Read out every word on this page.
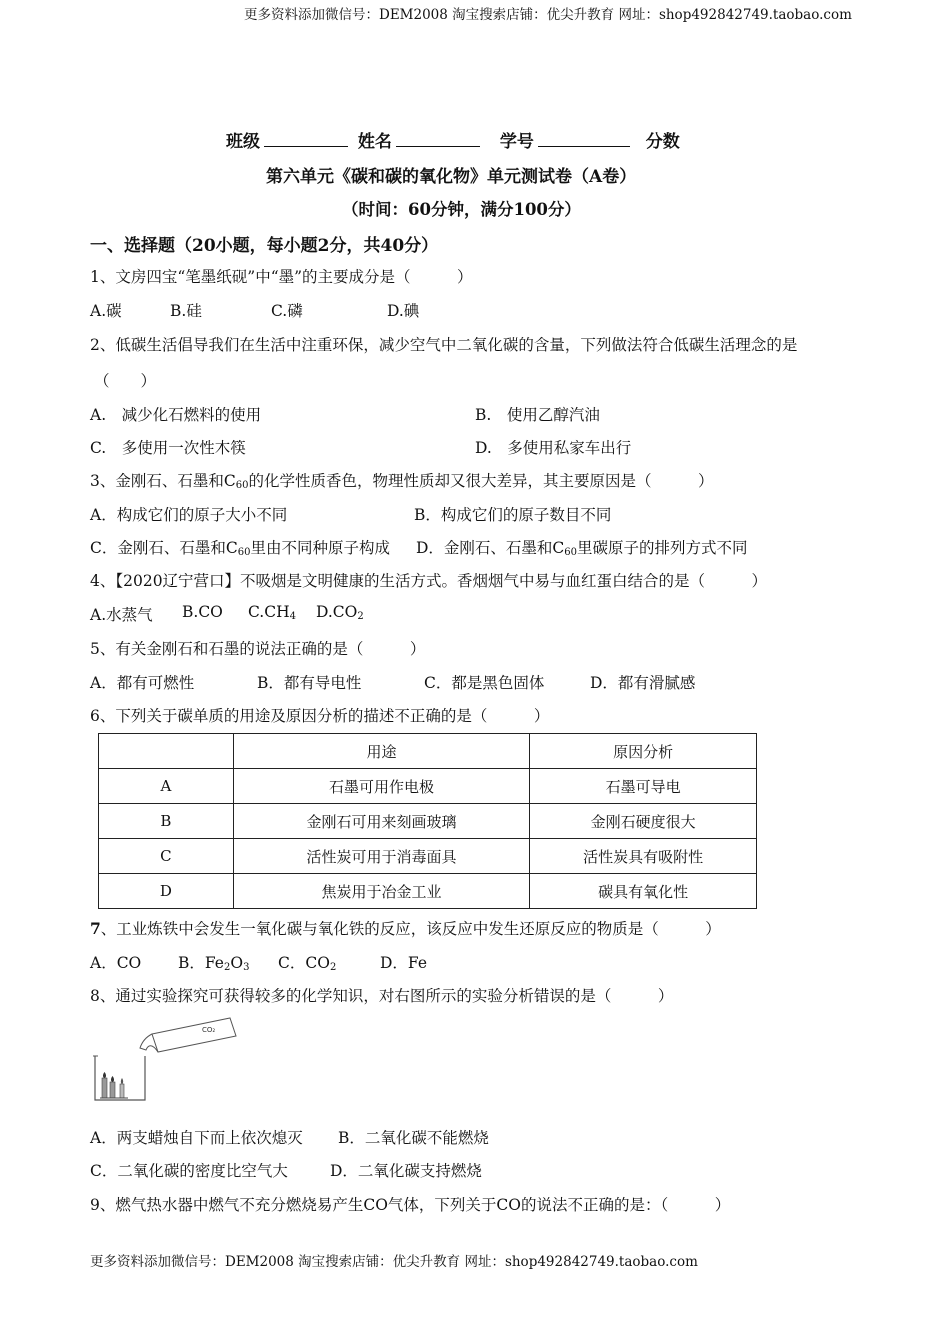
更多资料添加微信号：DEM2008 淘宝搜索店铺：优尖升教育 网址：shop492842749.taobao.com
更多资料添加微信号：DEM2008 淘宝搜索店铺：优尖升教育 网址：shop492842749.taobao.com
班级	姓名	学号	分数
第六单元《碳和碳的氧化物》单元测试卷（A卷）
（时间：60分钟，满分100分）
一、选择题（20小题，每小题2分，共40分）
1、文房四宝“笔墨纸砚”中“墨”的主要成分是（　　　）
A.碳	B.硅	C.磷	D.碘
2、低碳生活倡导我们在生活中注重环保，减少空气中二氧化碳的含量，下列做法符合低碳生活理念的是
（　　）
A.　减少化石燃料的使用	B.　使用乙醇汽油
C.　多使用一次性木筷	D.　多使用私家车出行
3、金刚石、石墨和$C_{60}$的化学性质香色，物理性质却又很大差异，其主要原因是（　　　）
A．构成它们的原子大小不同	B．构成它们的原子数目不同
C．金刚石、石墨和$C_{60}$里由不同种原子构成 D．金刚石、石墨和$C_{60}$里碳原子的排列方式不同
4、【2020辽宁营口】不吸烟是文明健康的生活方式。香烟烟气中易与血红蛋白结合的是（　　　）
A.水蒸气 B.CO $C.CH_4$ $D.CO_2$
5、有关金刚石和石墨的说法正确的是（　　　）
A．都有可燃性	B．都有导电性	C．都是黑色固体	D．都有滑腻感
6、下列关于碳单质的用途及原因分析的描述不正确的是（　　　）
	用途	原因分析
A	石墨可用作电极	石墨可导电
B	金刚石可用来刻画玻璃	金刚石硬度很大
C	活性炭可用于消毒面具	活性炭具有吸附性
D	焦炭用于冶金工业	碳具有氧化性
7、工业炼铁中会发生一氧化碳与氧化铁的反应，该反应中发生还原反应的物质是（　　　）
A．CO B．$Fe_2O_3$ C．$CO_2$	D．Fe
8、通过实验探究可获得较多的化学知识，对右图所示的实验分析错误的是（　　　）
CO₂
A．两支蜡烛自下而上依次熄灭 B．二氧化碳不能燃烧
C．二氧化碳的密度比空气大	D．二氧化碳支持燃烧
9、燃气热水器中燃气不充分燃烧易产生CO气体，下列关于CO的说法不正确的是：（　　　）
